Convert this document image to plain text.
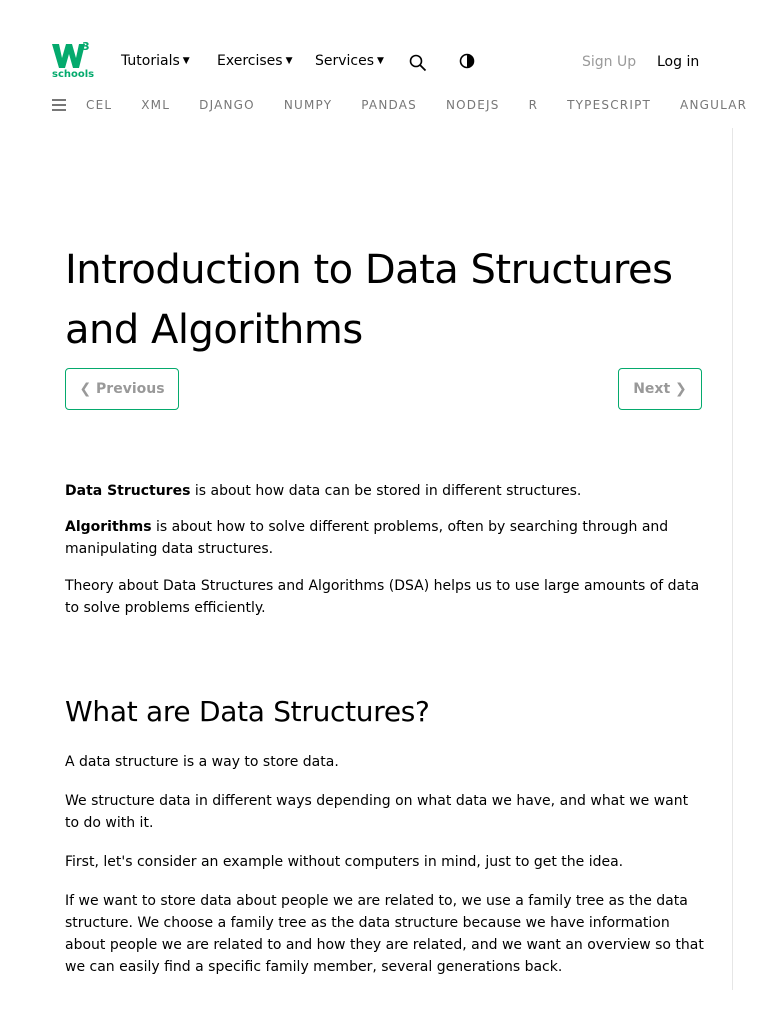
3
schools
Tutorials ▼ Exercises ▼ Services ▼	Sign Up Log in
CEL XML DJANGO NUMPY PANDAS NODEJS R TYPESCRIPT ANGULAR
Introduction to Data Structures and Algorithms
❮ Previous	Next ❯

Data Structures is about how data can be stored in different structures.

Algorithms is about how to solve different problems, often by searching through and manipulating data structures.

Theory about Data Structures and Algorithms (DSA) helps us to use large amounts of data to solve problems efficiently.

What are Data Structures?

A data structure is a way to store data.

We structure data in different ways depending on what data we have, and what we want to do with it.

First, let's consider an example without computers in mind, just to get the idea.

If we want to store data about people we are related to, we use a family tree as the data structure. We choose a family tree as the data structure because we have information about people we are related to and how they are related, and we want an overview so that we can easily find a specific family member, several generations back.
